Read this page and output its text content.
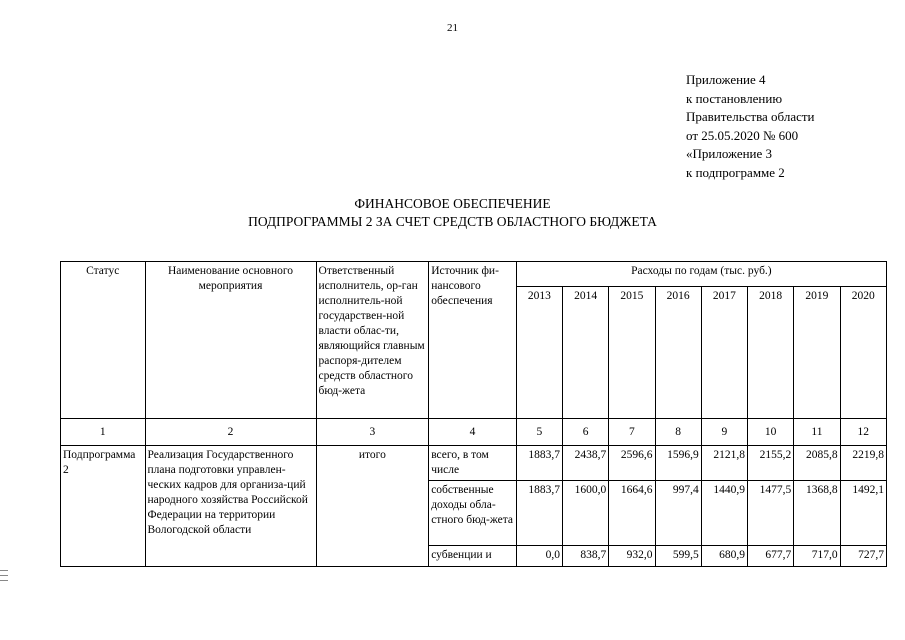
21
Приложение 4
к постановлению
Правительства области
от 25.05.2020 № 600
«Приложение 3
к подпрограмме 2
ФИНАНСОВОЕ ОБЕСПЕЧЕНИЕ
ПОДПРОГРАММЫ 2 ЗА СЧЕТ СРЕДСТВ ОБЛАСТНОГО БЮДЖЕТА
Статус	Наименование основного мероприятия	Ответственный исполнитель, ор-ган исполнитель-ной государствен-ной власти облас-ти, являющийся главным распоря-дителем средств областного бюд-жета	Источник фи-нансового обеспечения	Расходы по годам (тыс. руб.)							
				2013	2014	2015	2016	2017	2018	2019	2020
1	2	3	4	5	6	7	8	9	10	11	12
Подпрограмма 2	Реализация Государственного плана подготовки управлен-ческих кадров для организа-ций народного хозяйства Российской Федерации на территории Вологодской области	итого	всего, в том числе	1883,7	2438,7	2596,6	1596,9	2121,8	2155,2	2085,8	2219,8
			собственные доходы обла-стного бюд-жета	1883,7	1600,0	1664,6	997,4	1440,9	1477,5	1368,8	1492,1
			субвенции и	0,0	838,7	932,0	599,5	680,9	677,7	717,0	727,7
